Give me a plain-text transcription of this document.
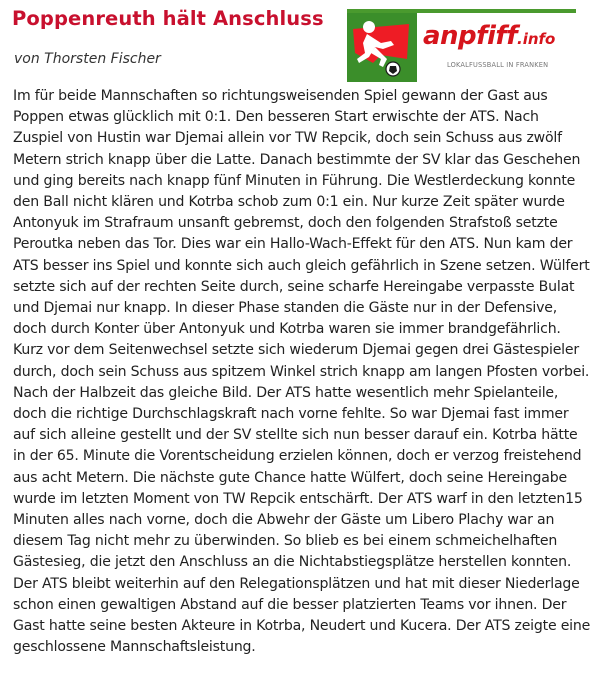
Poppenreuth hält Anschluss

von Thorsten Fischer

anpfiff.info
LOKALFUSSBALL IN FRANKEN

Im für beide Mannschaften so richtungsweisenden Spiel gewann der Gast aus Poppen etwas glücklich mit 0:1. Den besseren Start erwischte der ATS. Nach Zuspiel von Hustin war Djemai allein vor TW Repcik, doch sein Schuss aus zwölf Metern strich knapp über die Latte. Danach bestimmte der SV klar das Geschehen und ging bereits nach knapp fünf Minuten in Führung. Die Westlerdeckung konnte den Ball nicht klären und Kotrba schob zum 0:1 ein. Nur kurze Zeit später wurde Antonyuk im Strafraum unsanft gebremst, doch den folgenden Strafstoß setzte Peroutka neben das Tor. Dies war ein Hallo-Wach-Effekt für den ATS. Nun kam der ATS besser ins Spiel und konnte sich auch gleich gefährlich in Szene setzen. Wülfert setzte sich auf der rechten Seite durch, seine scharfe Hereingabe verpasste Bulat und Djemai nur knapp. In dieser Phase standen die Gäste nur in der Defensive, doch durch Konter über Antonyuk und Kotrba waren sie immer brandgefährlich. Kurz vor dem Seitenwechsel setzte sich wiederum Djemai gegen drei Gästespieler durch, doch sein Schuss aus spitzem Winkel strich knapp am langen Pfosten vorbei.

Nach der Halbzeit das gleiche Bild. Der ATS hatte wesentlich mehr Spielanteile, doch die richtige Durchschlagskraft nach vorne fehlte. So war Djemai fast immer auf sich alleine gestellt und der SV stellte sich nun besser darauf ein. Kotrba hätte in der 65. Minute die Vorentscheidung erzielen können, doch er verzog freistehend aus acht Metern. Die nächste gute Chance hatte Wülfert, doch seine Hereingabe wurde im letzten Moment von TW Repcik entschärft. Der ATS warf in den letzten15 Minuten alles nach vorne, doch die Abwehr der Gäste um Libero Plachy war an diesem Tag nicht mehr zu überwinden. So blieb es bei einem schmeichelhaften Gästesieg, die jetzt den Anschluss an die Nichtabstiegsplätze herstellen konnten.

Der ATS bleibt weiterhin auf den Relegationsplätzen und hat mit dieser Niederlage schon einen gewaltigen Abstand auf die besser platzierten Teams vor ihnen. Der Gast hatte seine besten Akteure in Kotrba, Neudert und Kucera. Der ATS zeigte eine geschlossene Mannschaftsleistung.
